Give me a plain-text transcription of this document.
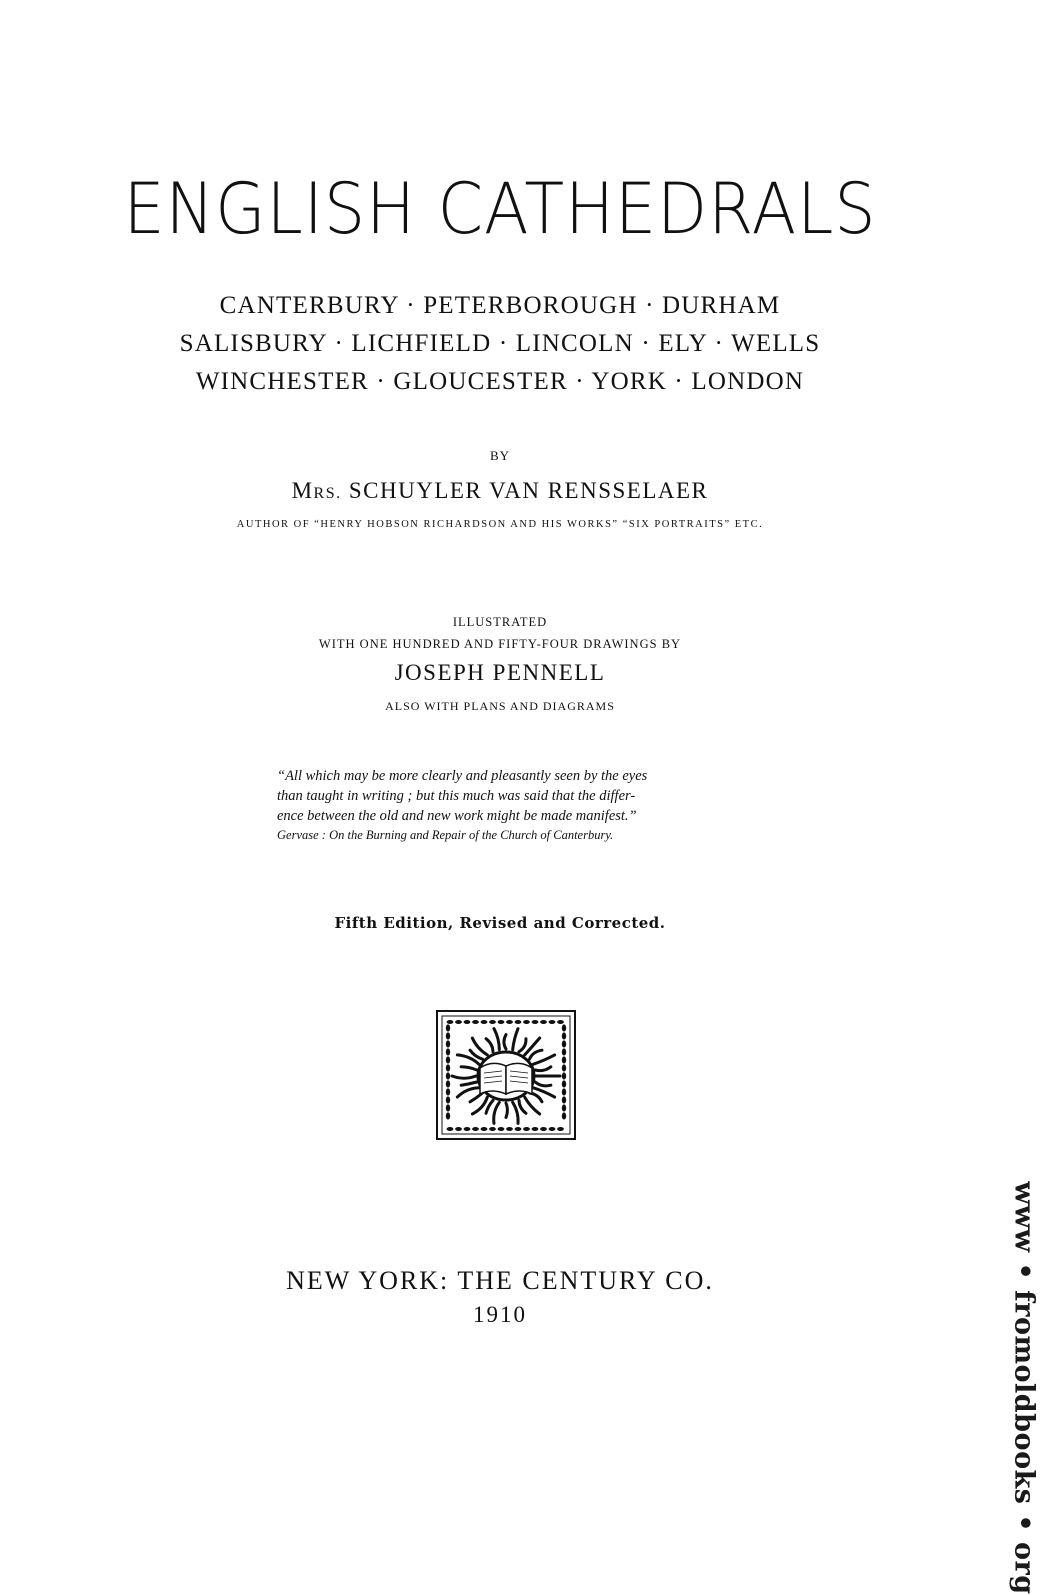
ENGLISH CATHEDRALS
CANTERBURY · PETERBOROUGH · DURHAM
SALISBURY · LICHFIELD · LINCOLN · ELY · WELLS
WINCHESTER · GLOUCESTER · YORK · LONDON
BY
MRS. SCHUYLER VAN RENSSELAER
AUTHOR OF “HENRY HOBSON RICHARDSON AND HIS WORKS” “SIX PORTRAITS” ETC.
ILLUSTRATED
WITH ONE HUNDRED AND FIFTY-FOUR DRAWINGS BY
JOSEPH PENNELL
ALSO WITH PLANS AND DIAGRAMS
“All which may be more clearly and pleasantly seen by the eyes
than taught in writing ; but this much was said that the differ-
ence between the old and new work might be made manifest.”
Gervase : On the Burning and Repair of the Church of Canterbury.
Fifth Edition, Revised and Corrected.
NEW YORK: THE CENTURY CO.
1910	www • fromoldbooks • org
